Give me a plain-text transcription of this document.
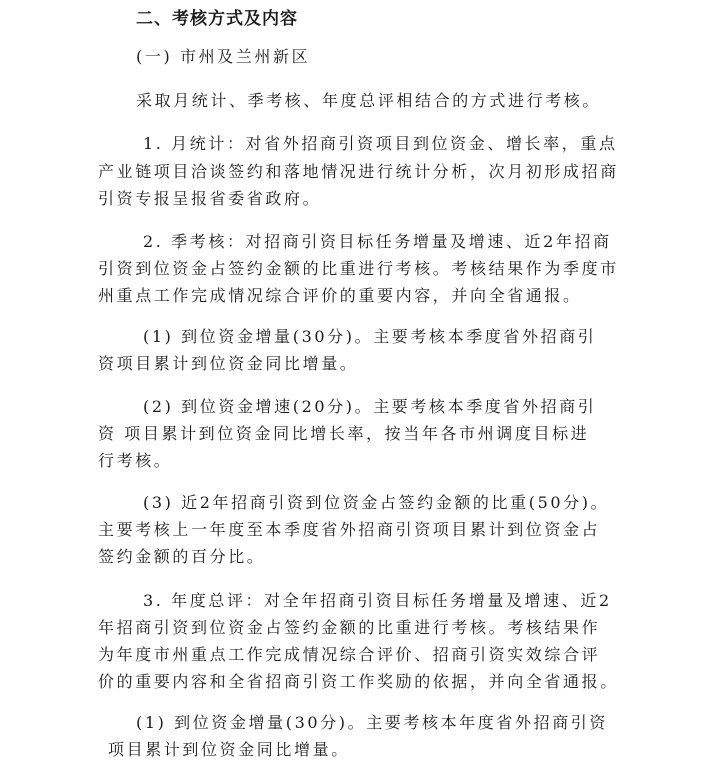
二、考核方式及内容
(一) 市州及兰州新区
采取月统计、季考核、年度总评相结合的方式进行考核。
1. 月统计：对省外招商引资项目到位资金、增长率，重点
产业链项目洽谈签约和落地情况进行统计分析，次月初形成招商
引资专报呈报省委省政府。
2. 季考核：对招商引资目标任务增量及增速、近2年招商
引资到位资金占签约金额的比重进行考核。考核结果作为季度市
州重点工作完成情况综合评价的重要内容，并向全省通报。
(1) 到位资金增量(30分)。主要考核本季度省外招商引
资项目累计到位资金同比增量。
(2) 到位资金增速(20分)。主要考核本季度省外招商引
资 项目累计到位资金同比增长率，按当年各市州调度目标进
行考核。
(3) 近2年招商引资到位资金占签约金额的比重(50分)。
主要考核上一年度至本季度省外招商引资项目累计到位资金占
签约金额的百分比。
3. 年度总评：对全年招商引资目标任务增量及增速、近2
年招商引资到位资金占签约金额的比重进行考核。考核结果作
为年度市州重点工作完成情况综合评价、招商引资实效综合评
价的重要内容和全省招商引资工作奖励的依据，并向全省通报。
(1) 到位资金增量(30分)。主要考核本年度省外招商引资
项目累计到位资金同比增量。
